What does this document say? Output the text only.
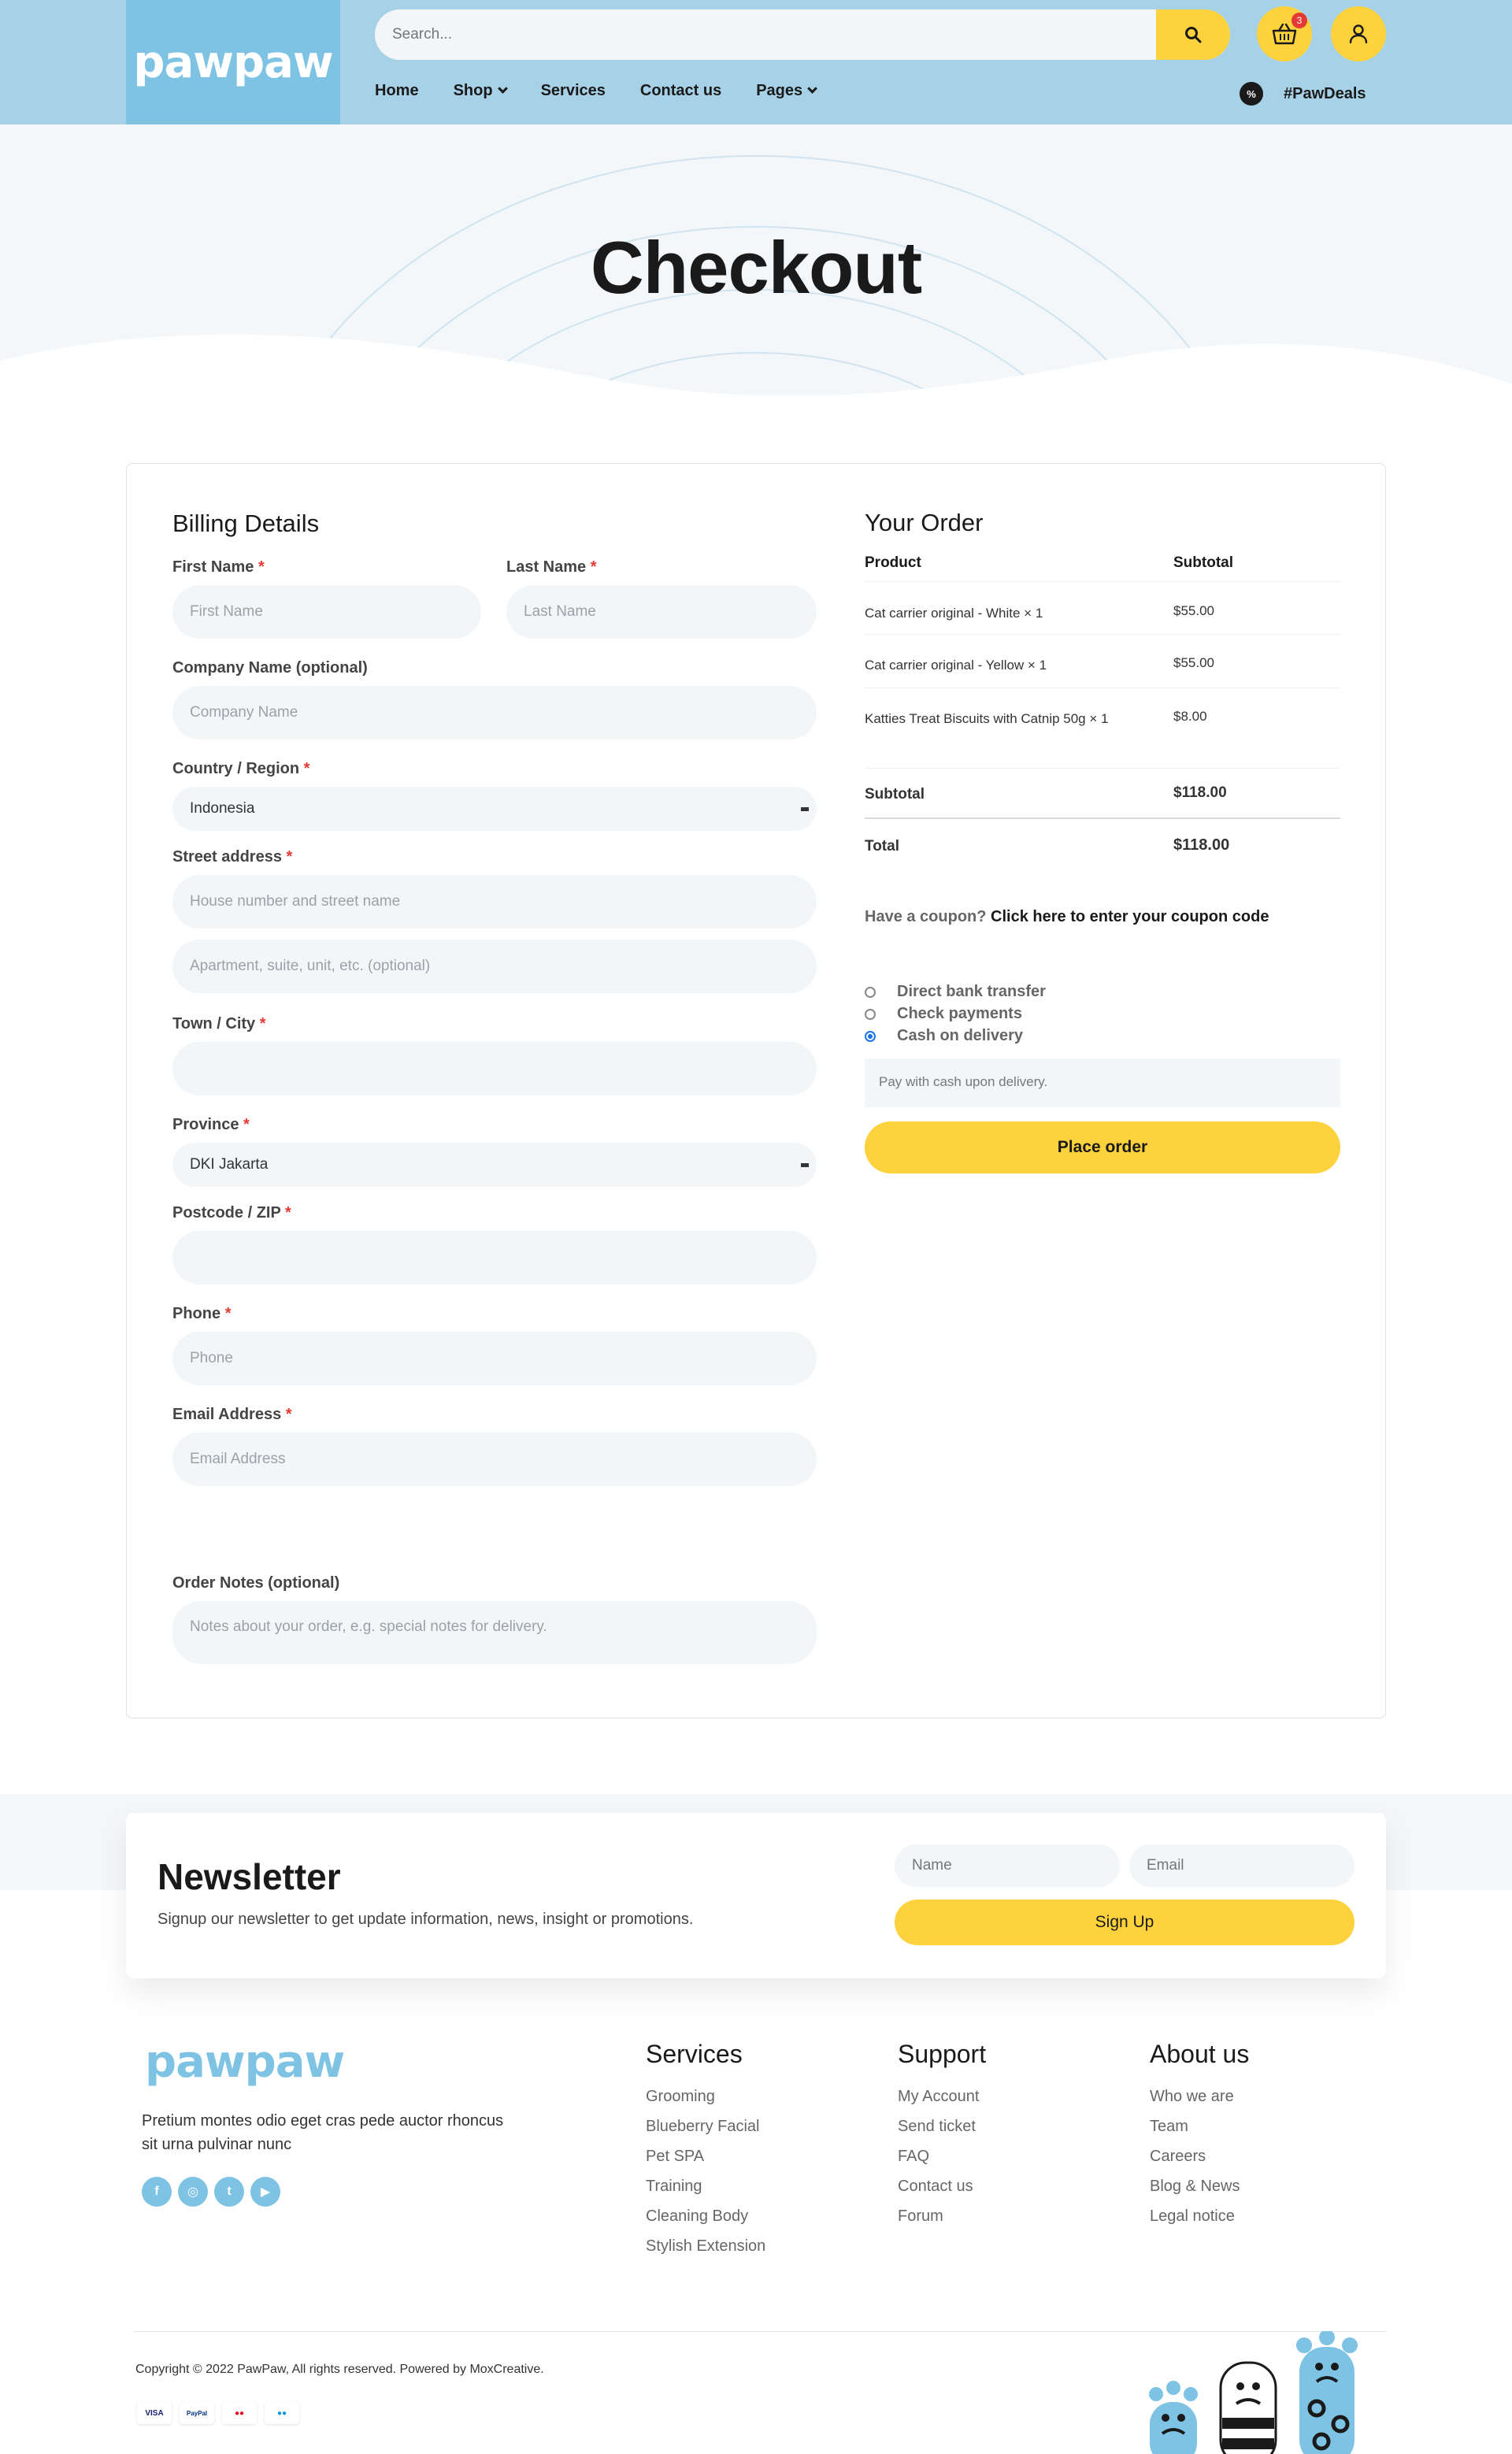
pawpaw
Search...
3
Home Shop	Services Contact us Pages	%	#PawDeals
Checkout
Billing Details
First Name *
First Name	Last Name *
Last Name
Company Name (optional)
Company Name
Country / Region *
Indonesia
Street address *
House number and street name
Apartment, suite, unit, etc. (optional)
Town / City *
Province *
DKI Jakarta
Postcode / ZIP *
Phone *
Phone
Email Address *
Email Address
Order Notes (optional)
Notes about your order, e.g. special notes for delivery.
Your Order
Product	Subtotal
Cat carrier original - White × 1	$55.00
Cat carrier original - Yellow × 1	$55.00
Katties Treat Biscuits with Catnip 50g × 1	$8.00
Subtotal	$118.00
Total	$118.00
Have a coupon? Click here to enter your coupon code
Direct bank transfer
Check payments
Cash on delivery
Pay with cash upon delivery.
Place order
Newsletter
Signup our newsletter to get update information, news, insight or promotions.
Name
Email	Sign Up
pawpaw
Pretium montes odio eget cras pede auctor rhoncus sit urna pulvinar nunc
f	◎	t	▶
Services
Grooming
Blueberry Facial
Pet SPA
Training
Cleaning Body
Stylish Extension
Support
My Account
Send ticket
FAQ
Contact us
Forum
About us
Who we are
Team
Careers
Blog & News
Legal notice
Copyright © 2022 PawPaw, All rights reserved. Powered by MoxCreative.
VISA	PayPal	●●	●●
